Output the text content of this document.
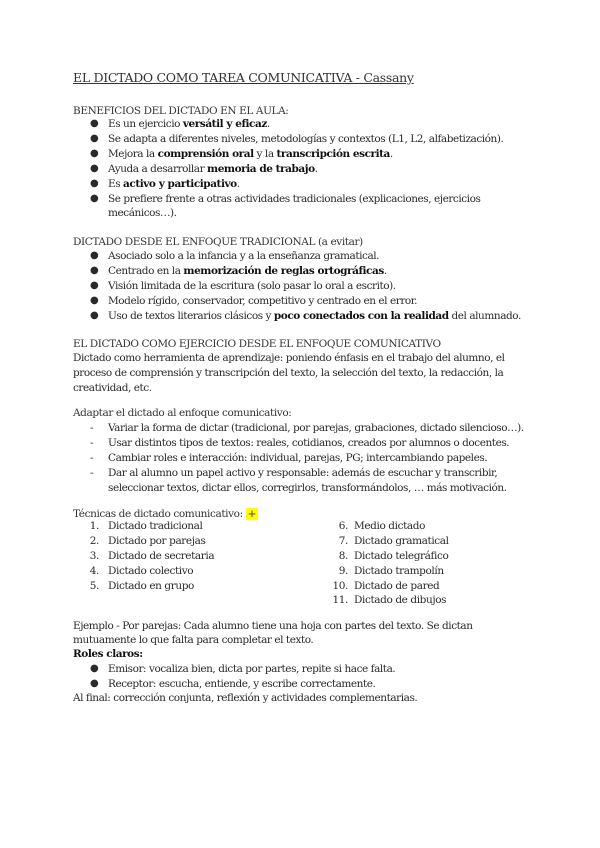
EL DICTADO COMO TAREA COMUNICATIVA - Cassany
BENEFICIOS DEL DICTADO EN EL AULA:
● Es un ejercicio versátil y eficaz.
● Se adapta a diferentes niveles, metodologías y contextos (L1, L2, alfabetización).
● Mejora la comprensión oral y la transcripción escrita.
● Ayuda a desarrollar memoria de trabajo.
● Es activo y participativo.
● Se prefiere frente a otras actividades tradicionales (explicaciones, ejercicios
mecánicos…).
DICTADO DESDE EL ENFOQUE TRADICIONAL (a evitar)
● Asociado solo a la infancia y a la enseñanza gramatical.
● Centrado en la memorización de reglas ortográficas.
● Visión limitada de la escritura (solo pasar lo oral a escrito).
● Modelo rígido, conservador, competitivo y centrado en el error.
● Uso de textos literarios clásicos y poco conectados con la realidad del alumnado.
EL DICTADO COMO EJERCICIO DESDE EL ENFOQUE COMUNICATIVO
Dictado como herramienta de aprendizaje: poniendo énfasis en el trabajo del alumno, el proceso de comprensión y transcripción del texto, la selección del texto, la redacción, la creatividad, etc.
Adaptar el dictado al enfoque comunicativo:
- Variar la forma de dictar (tradicional, por parejas, grabaciones, dictado silencioso…).
- Usar distintos tipos de textos: reales, cotidianos, creados por alumnos o docentes.
- Cambiar roles e interacción: individual, parejas, PG; intercambiando papeles.
- Dar al alumno un papel activo y responsable: además de escuchar y transcribir,
seleccionar textos, dictar ellos, corregirlos, transformándolos, … más motivación.
Técnicas de dictado comunicativo: +
1. Dictado tradicional
2. Dictado por parejas
3. Dictado de secretaria
4. Dictado colectivo
5. Dictado en grupo
6. Medio dictado
7. Dictado gramatical
8. Dictado telegráfico
9. Dictado trampolín
10. Dictado de pared
11. Dictado de dibujos
Ejemplo - Por parejas: Cada alumno tiene una hoja con partes del texto. Se dictan
mutuamente lo que falta para completar el texto.
Roles claros:
● Emisor: vocaliza bien, dicta por partes, repite si hace falta.
● Receptor: escucha, entiende, y escribe correctamente.
Al final: corrección conjunta, reflexión y actividades complementarias.
